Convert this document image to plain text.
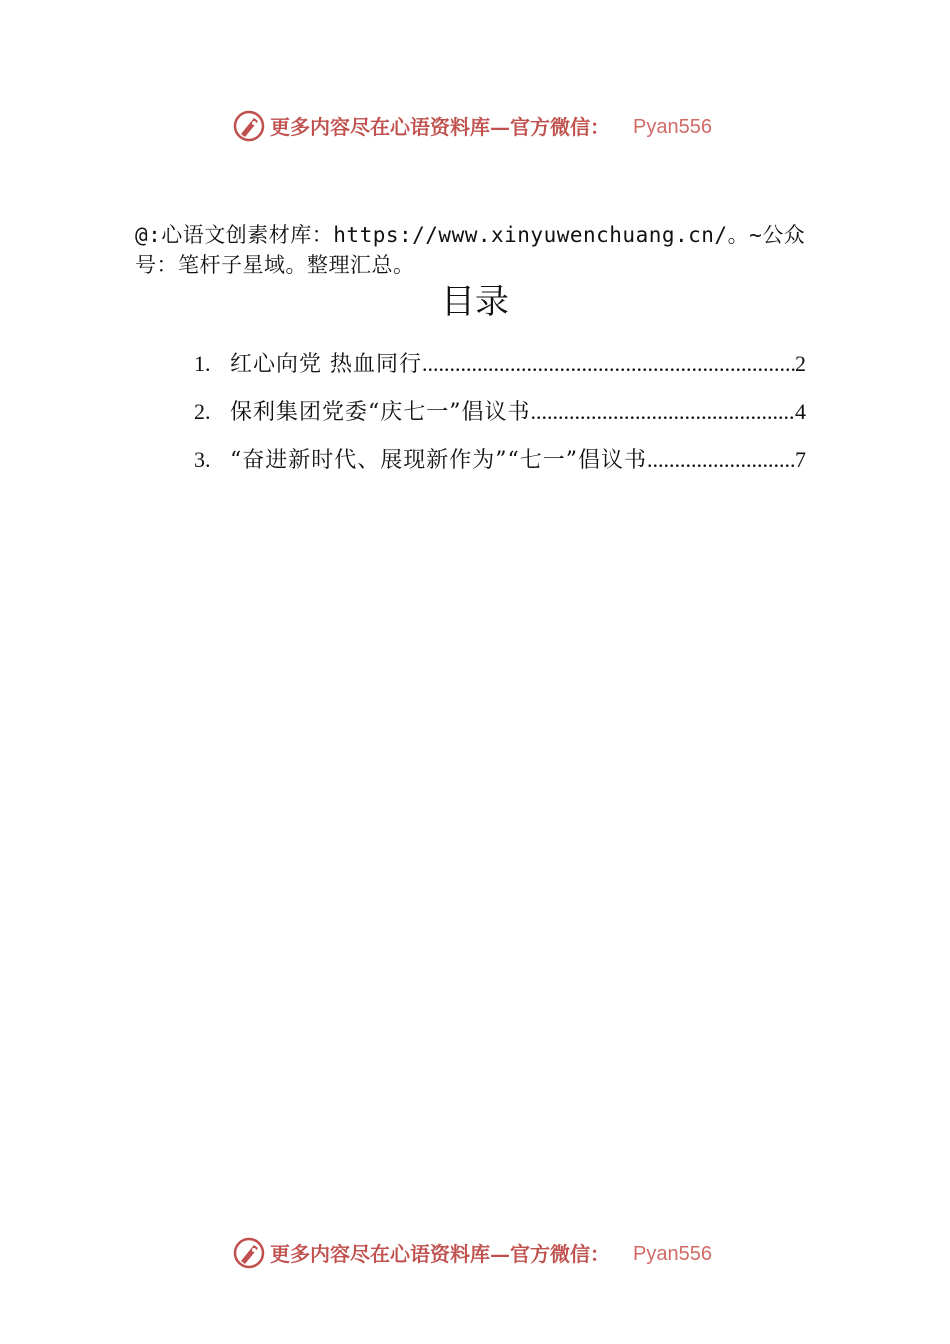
更多内容尽在心语资料库—官方微信： Pyan556
@:心语文创素材库：https://www.xinyuwenchuang.cn/。~公众号：笔杆子星域。整理汇总。
目录
1. 红心向党 热血同行 .....	2
2. 保利集团党委“庆七一”倡议书 .....	4
3. “奋进新时代、展现新作为”“七一”倡议书 .....	7
更多内容尽在心语资料库—官方微信： Pyan556
